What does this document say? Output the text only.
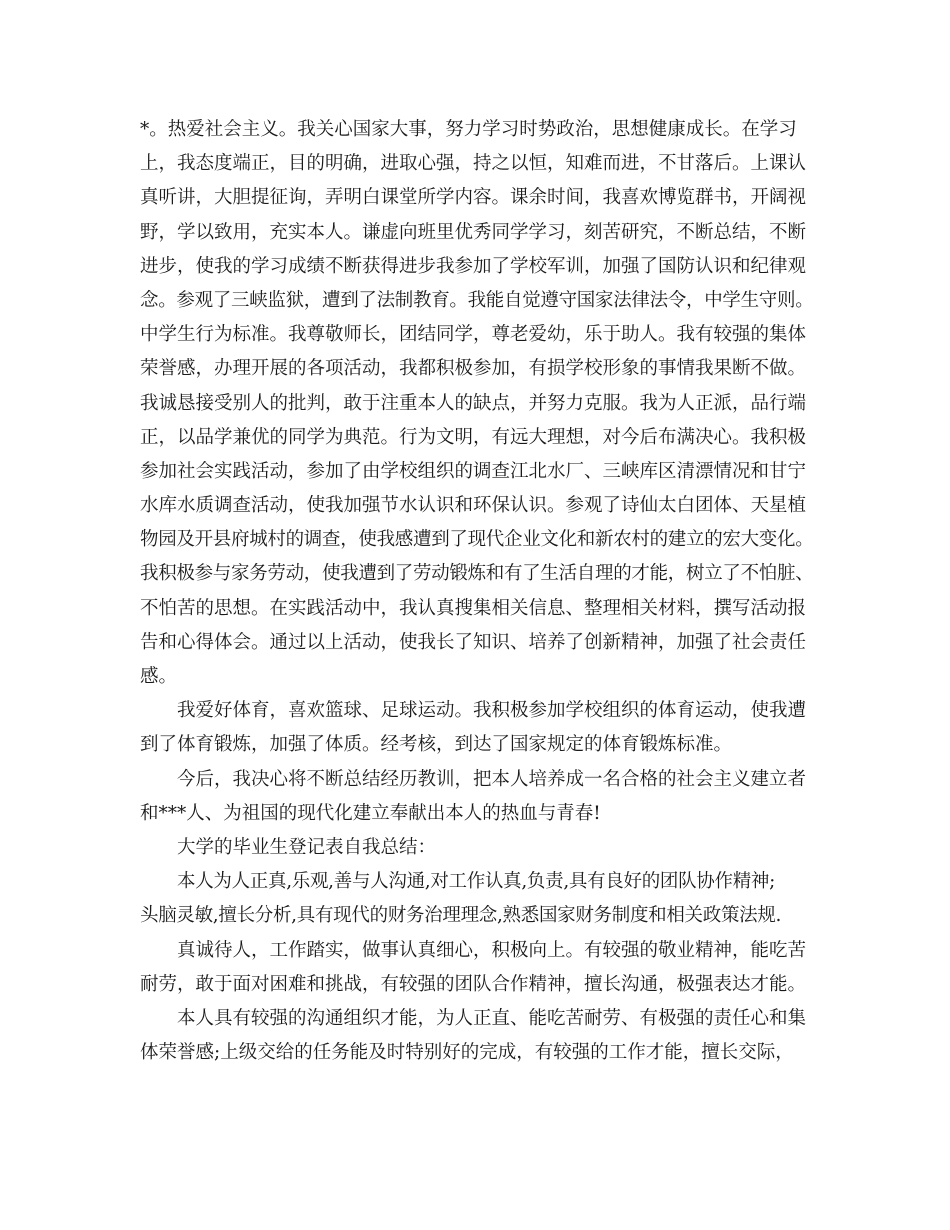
*。热爱社会主义。我关心国家大事，努力学习时势政治，思想健康成长。在学习
上，我态度端正，目的明确，进取心强，持之以恒，知难而进，不甘落后。上课认
真听讲，大胆提征询，弄明白课堂所学内容。课余时间，我喜欢博览群书，开阔视
野，学以致用，充实本人。谦虚向班里优秀同学学习，刻苦研究，不断总结，不断
进步，使我的学习成绩不断获得进步我参加了学校军训，加强了国防认识和纪律观
念。参观了三峡监狱，遭到了法制教育。我能自觉遵守国家法律法令，中学生守则。
中学生行为标准。我尊敬师长，团结同学，尊老爱幼，乐于助人。我有较强的集体
荣誉感，办理开展的各项活动，我都积极参加，有损学校形象的事情我果断不做。
我诚恳接受别人的批判，敢于注重本人的缺点，并努力克服。我为人正派，品行端
正，以品学兼优的同学为典范。行为文明，有远大理想，对今后布满决心。我积极
参加社会实践活动，参加了由学校组织的调查江北水厂、三峡库区清漂情况和甘宁
水库水质调查活动，使我加强节水认识和环保认识。参观了诗仙太白团体、天星植
物园及开县府城村的调查，使我感遭到了现代企业文化和新农村的建立的宏大变化。
我积极参与家务劳动，使我遭到了劳动锻炼和有了生活自理的才能，树立了不怕脏、
不怕苦的思想。在实践活动中，我认真搜集相关信息、整理相关材料，撰写活动报
告和心得体会。通过以上活动，使我长了知识、培养了创新精神，加强了社会责任
感。
我爱好体育，喜欢篮球、足球运动。我积极参加学校组织的体育运动，使我遭
到了体育锻炼，加强了体质。经考核，到达了国家规定的体育锻炼标准。
今后，我决心将不断总结经历教训，把本人培养成一名合格的社会主义建立者
和***人、为祖国的现代化建立奉献出本人的热血与青春!
大学的毕业生登记表自我总结：
本人为人正真,乐观,善与人沟通,对工作认真,负责,具有良好的团队协作精神;
头脑灵敏,擅长分析,具有现代的财务治理理念,熟悉国家财务制度和相关政策法规.
真诚待人，工作踏实，做事认真细心，积极向上。有较强的敬业精神，能吃苦
耐劳，敢于面对困难和挑战，有较强的团队合作精神，擅长沟通，极强表达才能。
本人具有较强的沟通组织才能，为人正直、能吃苦耐劳、有极强的责任心和集
体荣誉感;上级交给的任务能及时特别好的完成，有较强的工作才能，擅长交际，
